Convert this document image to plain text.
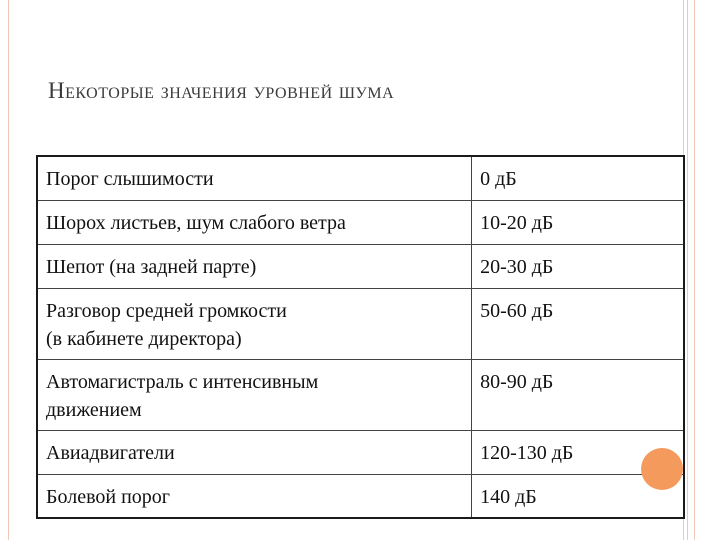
Некоторые значения уровней шума
Порог слышимости	0 дБ
Шорох листьев, шум слабого ветра	10-20 дБ
Шепот (на задней парте)	20-30 дБ

Разговор средней громкости
(в кабинете директора)	50-60 дБ

Автомагистраль с интенсивным
движением	80-90 дБ
Авиадвигатели	120-130 дБ
Болевой порог	140 дБ
